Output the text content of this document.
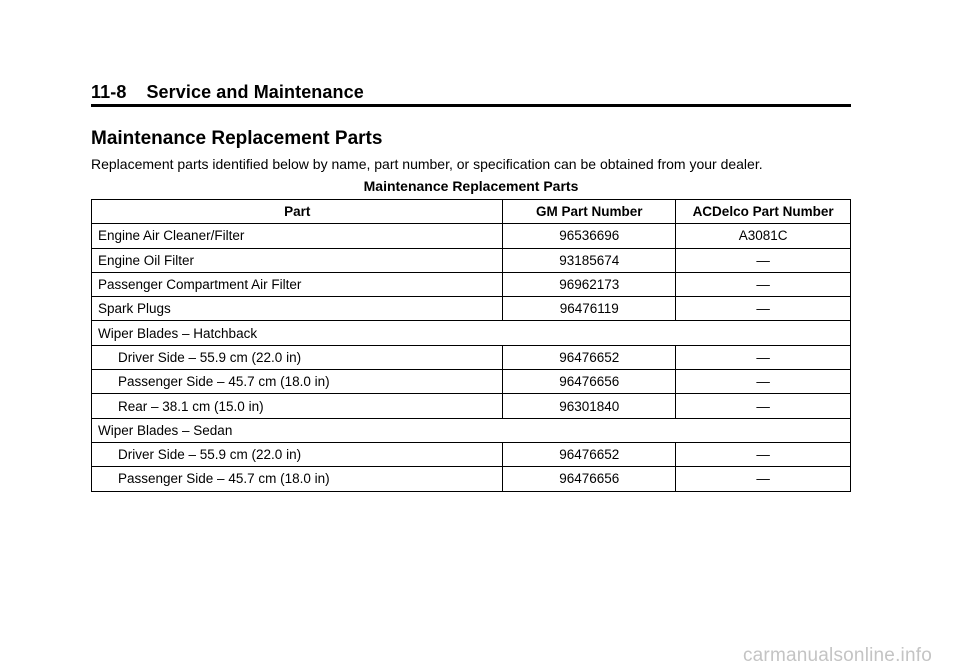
11-8 Service and Maintenance
Maintenance Replacement Parts
Replacement parts identified below by name, part number, or specification can be obtained from your dealer.
Maintenance Replacement Parts
Part	GM Part Number	ACDelco Part Number
Engine Air Cleaner/Filter	96536696	A3081C
Engine Oil Filter	93185674	—
Passenger Compartment Air Filter	96962173	—
Spark Plugs	96476119	—
Wiper Blades – Hatchback		
Driver Side – 55.9 cm (22.0 in)	96476652	—
Passenger Side – 45.7 cm (18.0 in)	96476656	—
Rear – 38.1 cm (15.0 in)	96301840	—
Wiper Blades – Sedan		
Driver Side – 55.9 cm (22.0 in)	96476652	—
Passenger Side – 45.7 cm (18.0 in)	96476656	—
carmanualsonline.info
